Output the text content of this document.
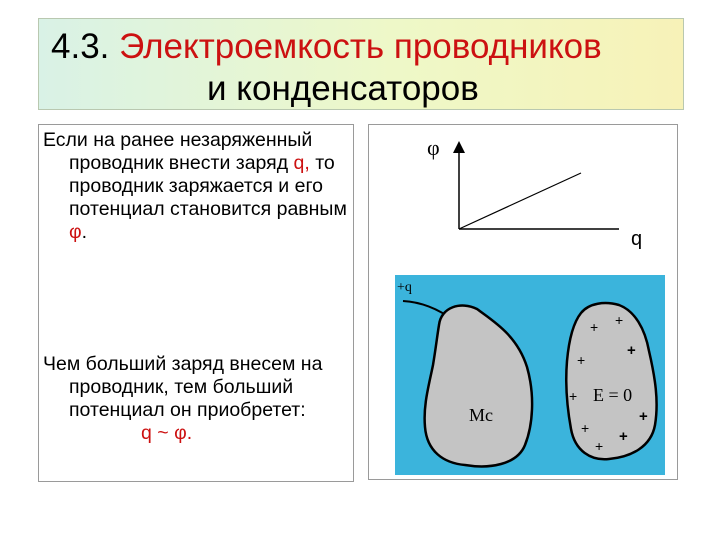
4.3. Электроемкость проводников
и конденсаторов
Если на ранее незаряженный проводник внести заряд q, то проводник заряжается и его потенциал становится равным φ.
Чем больший заряд внесем на проводник, тем больший потенциал он приобретет:
q ~ φ.
φ
q
+q
Мс
E = 0
+ +
+
+
+
+
+ +
+
